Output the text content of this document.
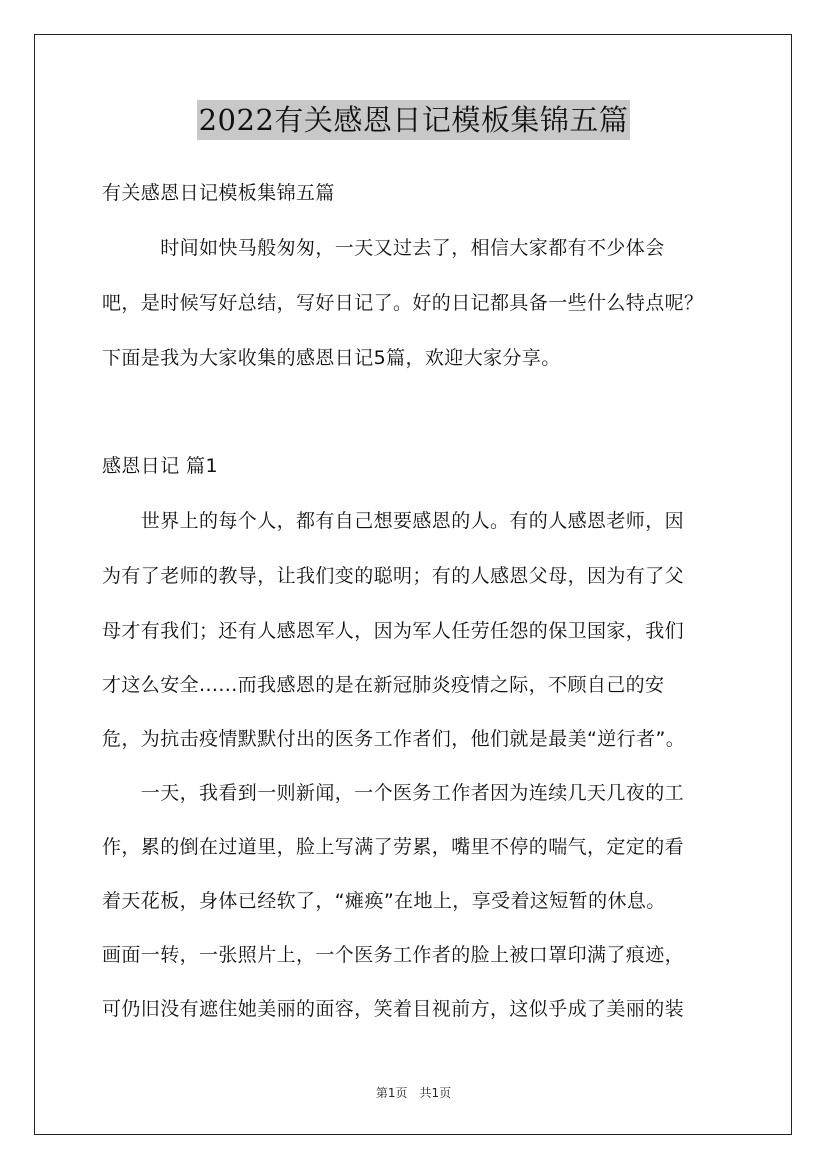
2022有关感恩日记模板集锦五篇
有关感恩日记模板集锦五篇
　　　时间如快马般匆匆，一天又过去了，相信大家都有不少体会
吧，是时候写好总结，写好日记了。好的日记都具备一些什么特点呢？
下面是我为大家收集的感恩日记5篇，欢迎大家分享。
感恩日记 篇1
　　世界上的每个人，都有自己想要感恩的人。有的人感恩老师，因
为有了老师的教导，让我们变的聪明；有的人感恩父母，因为有了父
母才有我们；还有人感恩军人，因为军人任劳任怨的保卫国家，我们
才这么安全......而我感恩的是在新冠肺炎疫情之际，不顾自己的安
危，为抗击疫情默默付出的医务工作者们，他们就是最美“逆行者”。
　　一天，我看到一则新闻，一个医务工作者因为连续几天几夜的工
作，累的倒在过道里，脸上写满了劳累，嘴里不停的喘气，定定的看
着天花板，身体已经软了，“瘫痪”在地上，享受着这短暂的休息。
画面一转，一张照片上，一个医务工作者的脸上被口罩印满了痕迹，
可仍旧没有遮住她美丽的面容，笑着目视前方，这似乎成了美丽的装
第1页　共1页
